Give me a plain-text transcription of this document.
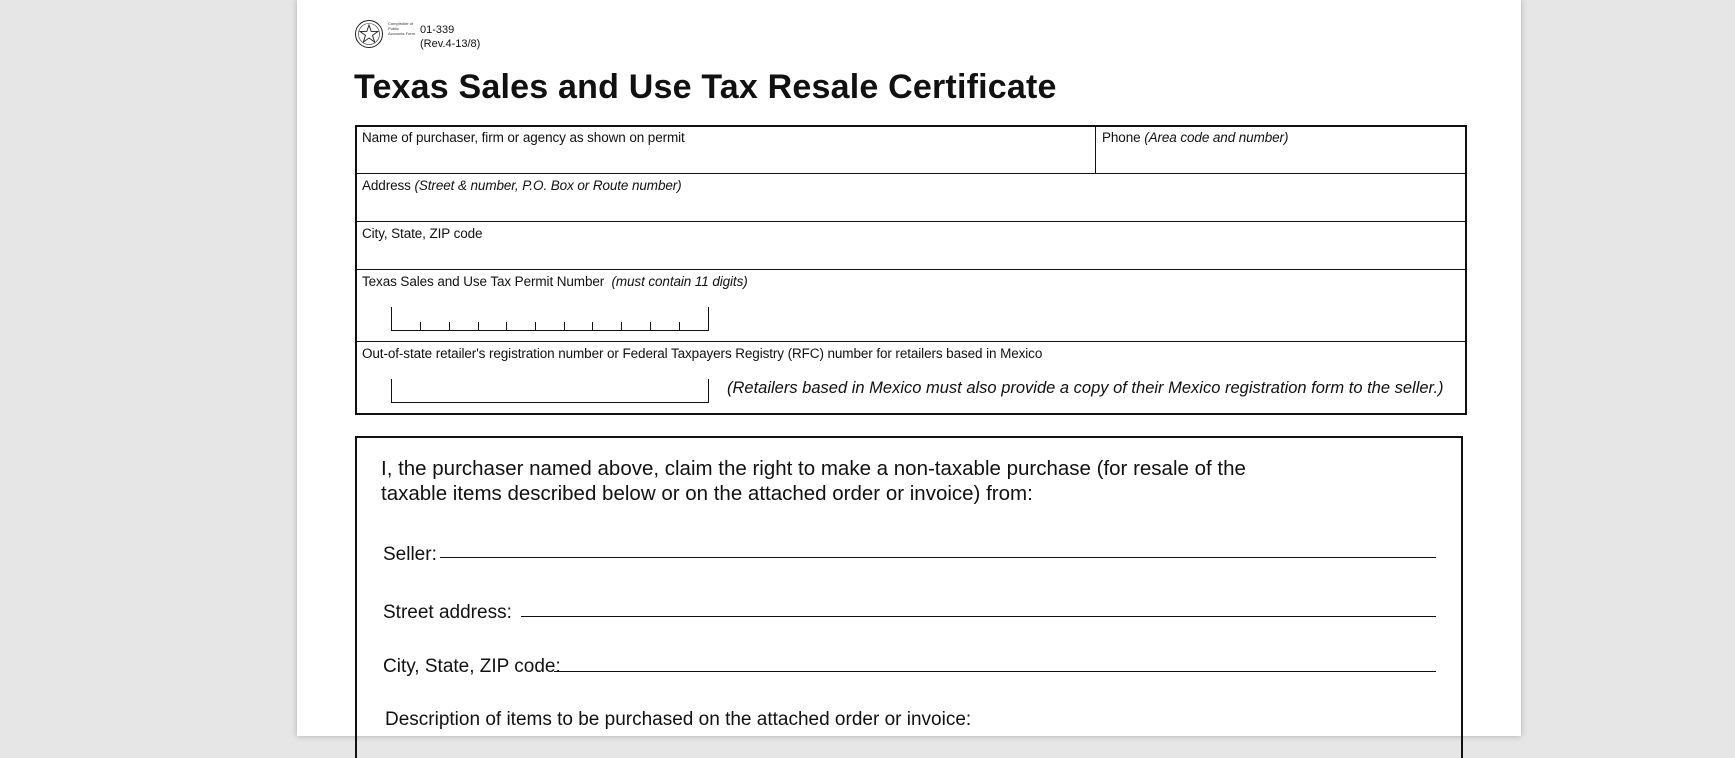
Comptroller of Public Accounts Form 01-339
(Rev.4-13/8)
Texas Sales and Use Tax Resale Certificate
Name of purchaser, firm or agency as shown on permit	Phone (Area code and number)
Address (Street & number, P.O. Box or Route number)
City, State, ZIP code
Texas Sales and Use Tax Permit Number (must contain 11 digits)
Out-of-state retailer's registration number or Federal Taxpayers Registry (RFC) number for retailers based in Mexico
(Retailers based in Mexico must also provide a copy of their Mexico registration form to the seller.)

I, the purchaser named above, claim the right to make a non-taxable purchase (for resale of the taxable items described below or on the attached order or invoice) from:

Seller:
Street address:
City, State, ZIP code:
Description of items to be purchased on the attached order or invoice:
